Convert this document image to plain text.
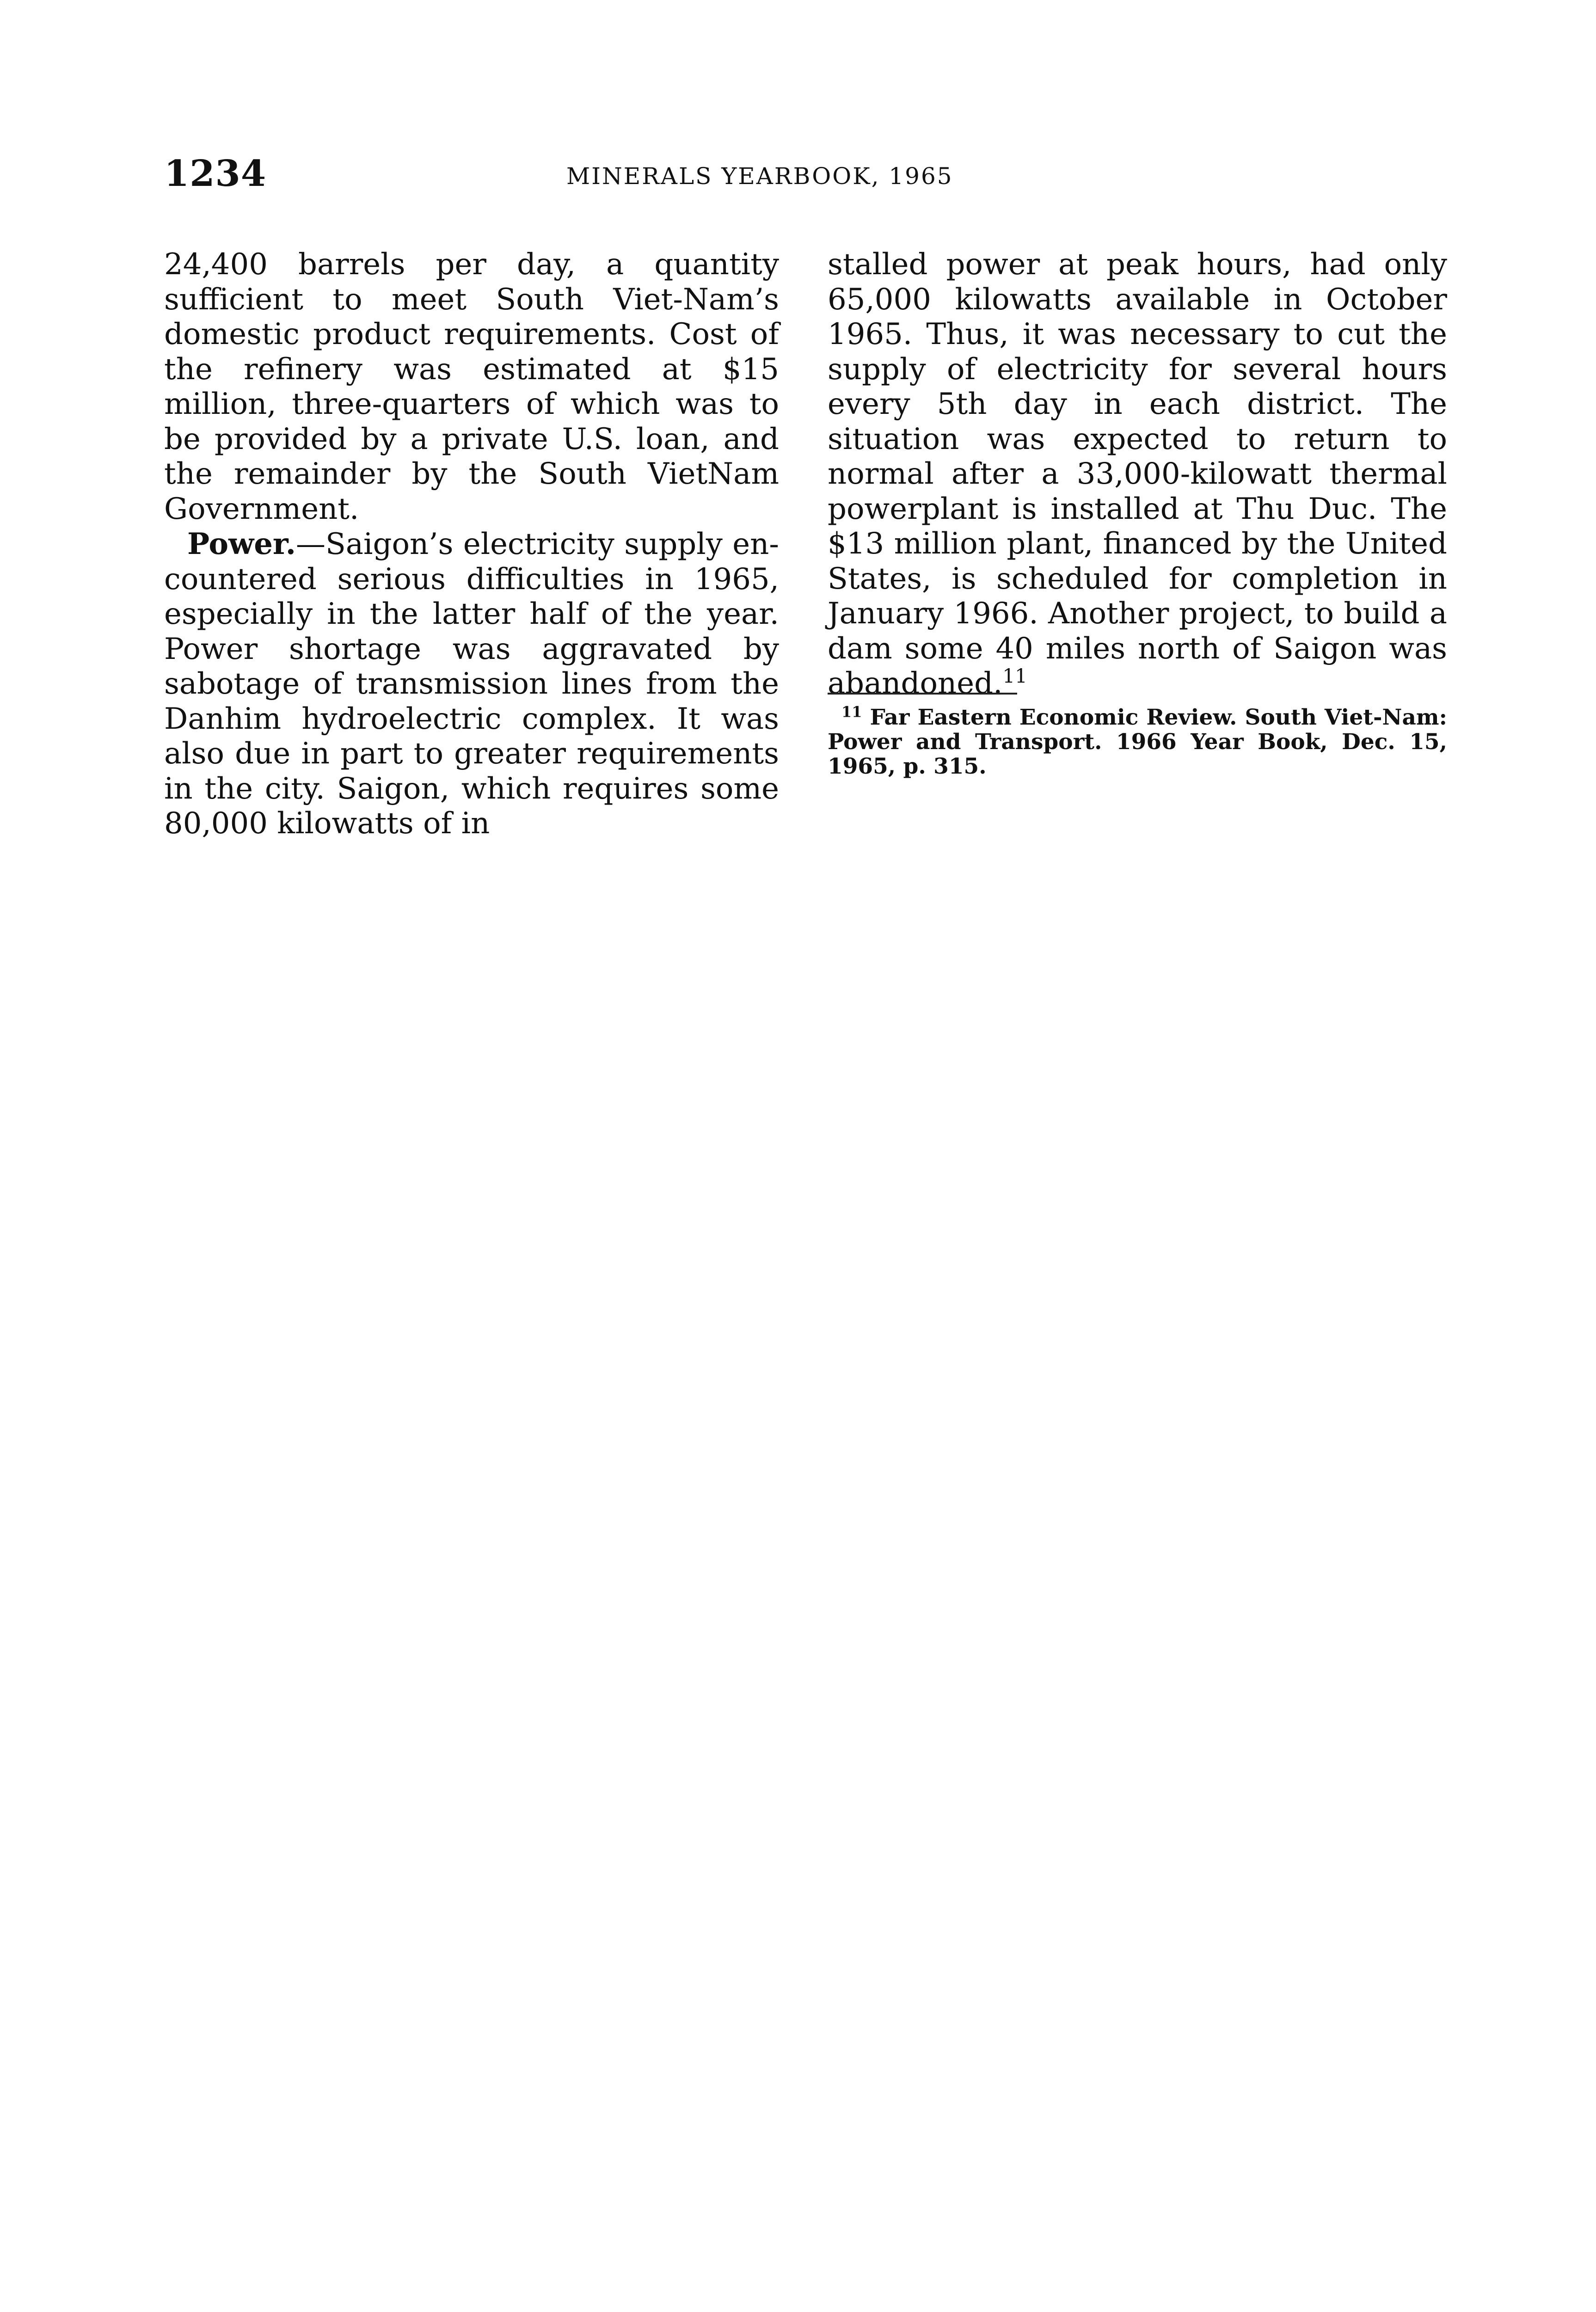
1234	MINERALS YEARBOOK, 1965

24,400 barrels per day, a quantity sufficient to meet South Viet-Nam’s domestic product requirements. Cost of the refinery was estimated at $15 million, three-quarters of which was to be provided by a private U.S. loan, and the remainder by the South VietNam Government.

Power.—Saigon’s electricity supply encountered serious difficulties in 1965, especially in the latter half of the year. Power shortage was aggravated by sabotage of transmission lines from the Danhim hydroelectric complex. It was also due in part to greater requirements in the city. Saigon, which requires some 80,000 kilowatts of in

stalled power at peak hours, had only 65,000 kilowatts available in October 1965. Thus, it was necessary to cut the supply of electricity for several hours every 5th day in each district. The situation was expected to return to normal after a 33,000-kilowatt thermal powerplant is installed at Thu Duc. The $13 million plant, financed by the United States, is scheduled for completion in January 1966. Another project, to build a dam some 40 miles north of Saigon was abandoned.$^{11}$

$^{11}$ Far Eastern Economic Review. South Viet-Nam: Power and Transport. 1966 Year Book, Dec. 15, 1965, p. 315.
